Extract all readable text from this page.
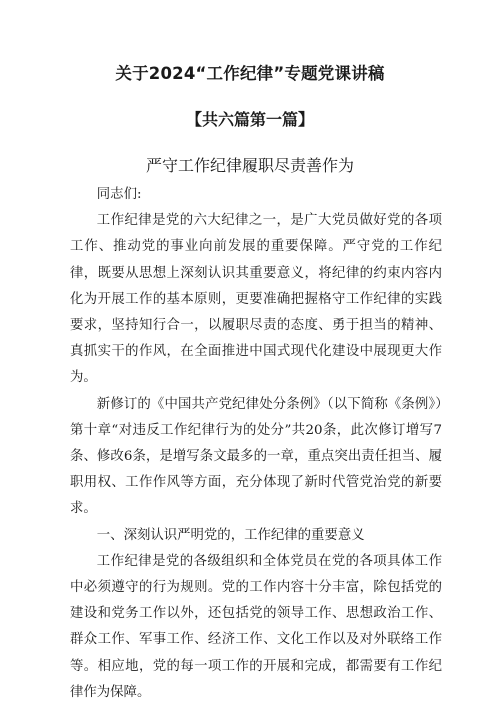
关于2024“工作纪律”专题党课讲稿
【共六篇第一篇】
严守工作纪律履职尽责善作为

同志们:

工作纪律是党的六大纪律之一，是广大党员做好党的各项工作、推动党的事业向前发展的重要保障。严守党的工作纪律，既要从思想上深刻认识其重要意义，将纪律的约束内容内化为开展工作的基本原则，更要准确把握格守工作纪律的实践要求，坚持知行合一，以履职尽责的态度、勇于担当的精神、真抓实干的作风，在全面推进中国式现代化建设中展现更大作为。

新修订的《中国共产党纪律处分条例》（以下简称《条例》）第十章“对违反工作纪律行为的处分”共20条，此次修订增写7条、修改6条，是增写条文最多的一章，重点突出责任担当、履职用权、工作作风等方面，充分体现了新时代管党治党的新要求。

一、深刻认识严明党的，工作纪律的重要意义

工作纪律是党的各级组织和全体党员在党的各项具体工作中必须遵守的行为规则。党的工作内容十分丰富，除包括党的建设和党务工作以外，还包括党的领导工作、思想政治工作、群众工作、军事工作、经济工作、文化工作以及对外联络工作等。相应地，党的每一项工作的开展和完成，都需要有工作纪律作为保障。
